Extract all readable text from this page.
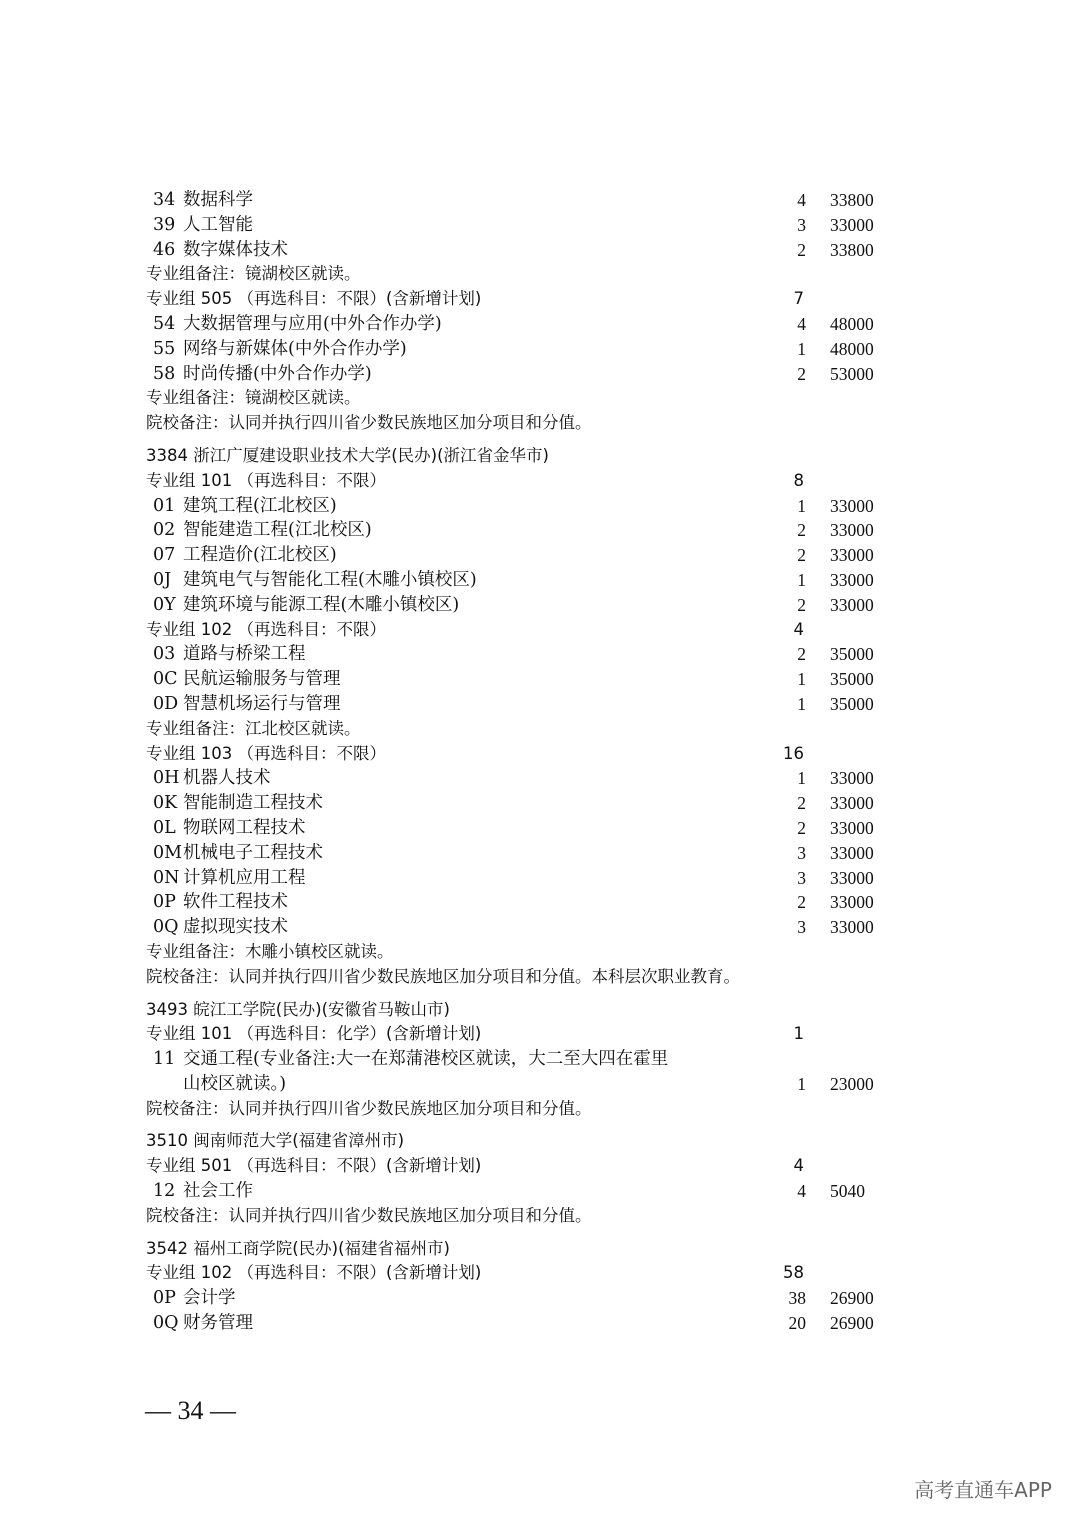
34 数据科学	4 33800
39 人工智能	3 33000
46 数字媒体技术	2 33800
专业组备注：镜湖校区就读。
专业组 505 （再选科目：不限）(含新增计划)	7
54 大数据管理与应用(中外合作办学)	4 48000
55 网络与新媒体(中外合作办学)	1 48000
58 时尚传播(中外合作办学)	2 53000
专业组备注：镜湖校区就读。
院校备注：认同并执行四川省少数民族地区加分项目和分值。
3384 浙江广厦建设职业技术大学(民办)(浙江省金华市)
专业组 101 （再选科目：不限）	8
01 建筑工程(江北校区)	1 33000
02 智能建造工程(江北校区)	2 33000
07 工程造价(江北校区)	2 33000
0J 建筑电气与智能化工程(木雕小镇校区)	1 33000
0Y 建筑环境与能源工程(木雕小镇校区)	2 33000
专业组 102 （再选科目：不限）	4
03 道路与桥梁工程	2 35000
0C 民航运输服务与管理	1 35000
0D 智慧机场运行与管理	1 35000
专业组备注：江北校区就读。
专业组 103 （再选科目：不限）	16
0H 机器人技术	1 33000
0K 智能制造工程技术	2 33000
0L 物联网工程技术	2 33000
0M机械电子工程技术	3 33000
0N 计算机应用工程	3 33000
0P 软件工程技术	2 33000
0Q 虚拟现实技术	3 33000
专业组备注：木雕小镇校区就读。
院校备注：认同并执行四川省少数民族地区加分项目和分值。本科层次职业教育。
3493 皖江工学院(民办)(安徽省马鞍山市)
专业组 101 （再选科目：化学）(含新增计划)	1
11 交通工程(专业备注:大一在郑蒲港校区就读，大二至大四在霍里
山校区就读。)	1 23000
院校备注：认同并执行四川省少数民族地区加分项目和分值。
3510 闽南师范大学(福建省漳州市)
专业组 501 （再选科目：不限）(含新增计划)	4
12 社会工作	4 5040
院校备注：认同并执行四川省少数民族地区加分项目和分值。
3542 福州工商学院(民办)(福建省福州市)
专业组 102 （再选科目：不限）(含新增计划)	58
0P 会计学	38 26900
0Q 财务管理	20 26900
— 34 —
高考直通车APP
